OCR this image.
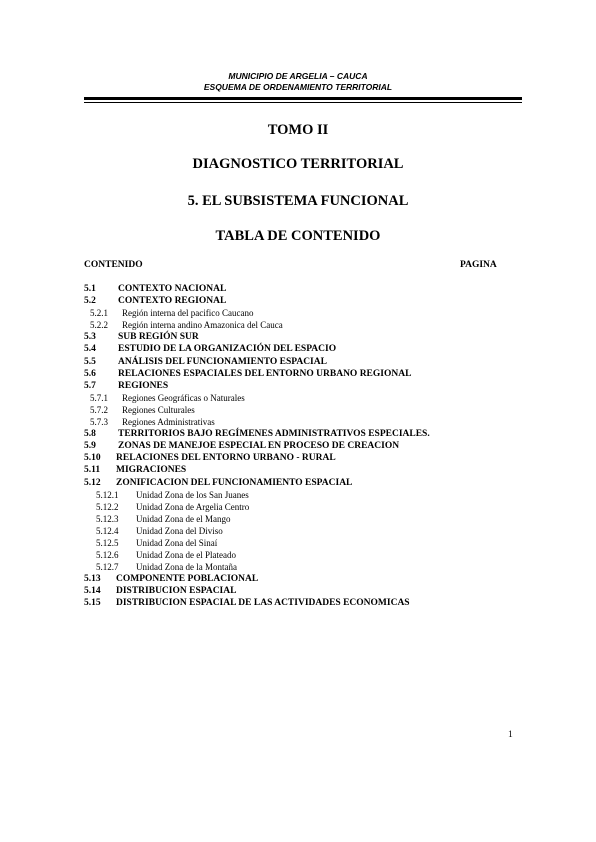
MUNICIPIO DE ARGELIA – CAUCA
ESQUEMA DE ORDENAMIENTO TERRITORIAL
TOMO II
DIAGNOSTICO TERRITORIAL
5. EL SUBSISTEMA FUNCIONAL
TABLA DE CONTENIDO
CONTENIDO	PAGINA
5.1 CONTEXTO NACIONAL
5.2 CONTEXTO REGIONAL
5.2.1 Región interna del pacifico Caucano
5.2.2 Región interna andino Amazonica del Cauca
5.3 SUB REGIÓN SUR
5.4 ESTUDIO DE LA ORGANIZACIÓN DEL ESPACIO
5.5 ANÁLISIS DEL FUNCIONAMIENTO ESPACIAL
5.6 RELACIONES ESPACIALES DEL ENTORNO URBANO REGIONAL
5.7 REGIONES
5.7.1 Regiones Geográficas o Naturales
5.7.2 Regiones Culturales
5.7.3 Regiones Administrativas
5.8 TERRITORIOS BAJO REGÍMENES ADMINISTRATIVOS ESPECIALES.
5.9 ZONAS DE MANEJOE ESPECIAL EN PROCESO DE CREACION
5.10 RELACIONES DEL ENTORNO URBANO - RURAL
5.11 MIGRACIONES
5.12 ZONIFICACION DEL FUNCIONAMIENTO ESPACIAL
5.12.1 Unidad Zona de los San Juanes
5.12.2 Unidad Zona de Argelia Centro
5.12.3 Unidad Zona de el Mango
5.12.4 Unidad Zona del Diviso
5.12.5 Unidad Zona del Sinaí
5.12.6 Unidad Zona de el Plateado
5.12.7 Unidad Zona de la Montaña
5.13 COMPONENTE POBLACIONAL
5.14 DISTRIBUCION ESPACIAL
5.15 DISTRIBUCION ESPACIAL DE LAS ACTIVIDADES ECONOMICAS
1
